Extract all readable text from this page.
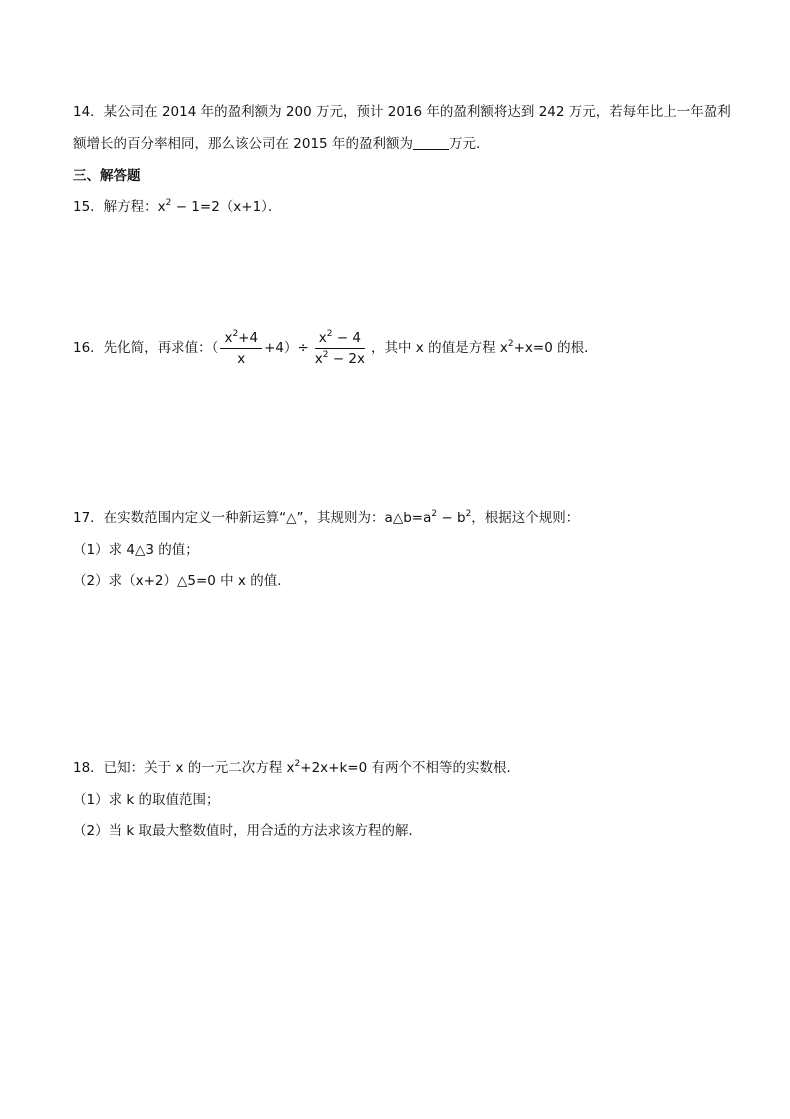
14．某公司在 2014 年的盈利额为 200 万元，预计 2016 年的盈利额将达到 242 万元，若每年比上一年盈利
额增长的百分率相同，那么该公司在 2015 年的盈利额为	万元．
三、解答题
15．解方程：$x^2 - 1=2(x+1)$．
16．先化简，再求值：（ $\frac{x^2+4}{x} +4)\div \frac{x^2 - 4}{x^2 - 2x}$ ，其中 x 的值是方程 $x^2+x=0$ 的根．
17．在实数范围内定义一种新运算“△”，其规则为：$a\triangle b=a^2 - b^2$，根据这个规则：
（1）求 4△3 的值；
（2）求（x+2）△5=0 中 x 的值．
18．已知：关于 x 的一元二次方程 $x^2+2x+k=0$ 有两个不相等的实数根．
（1）求 k 的取值范围；
（2）当 k 取最大整数值时，用合适的方法求该方程的解．
